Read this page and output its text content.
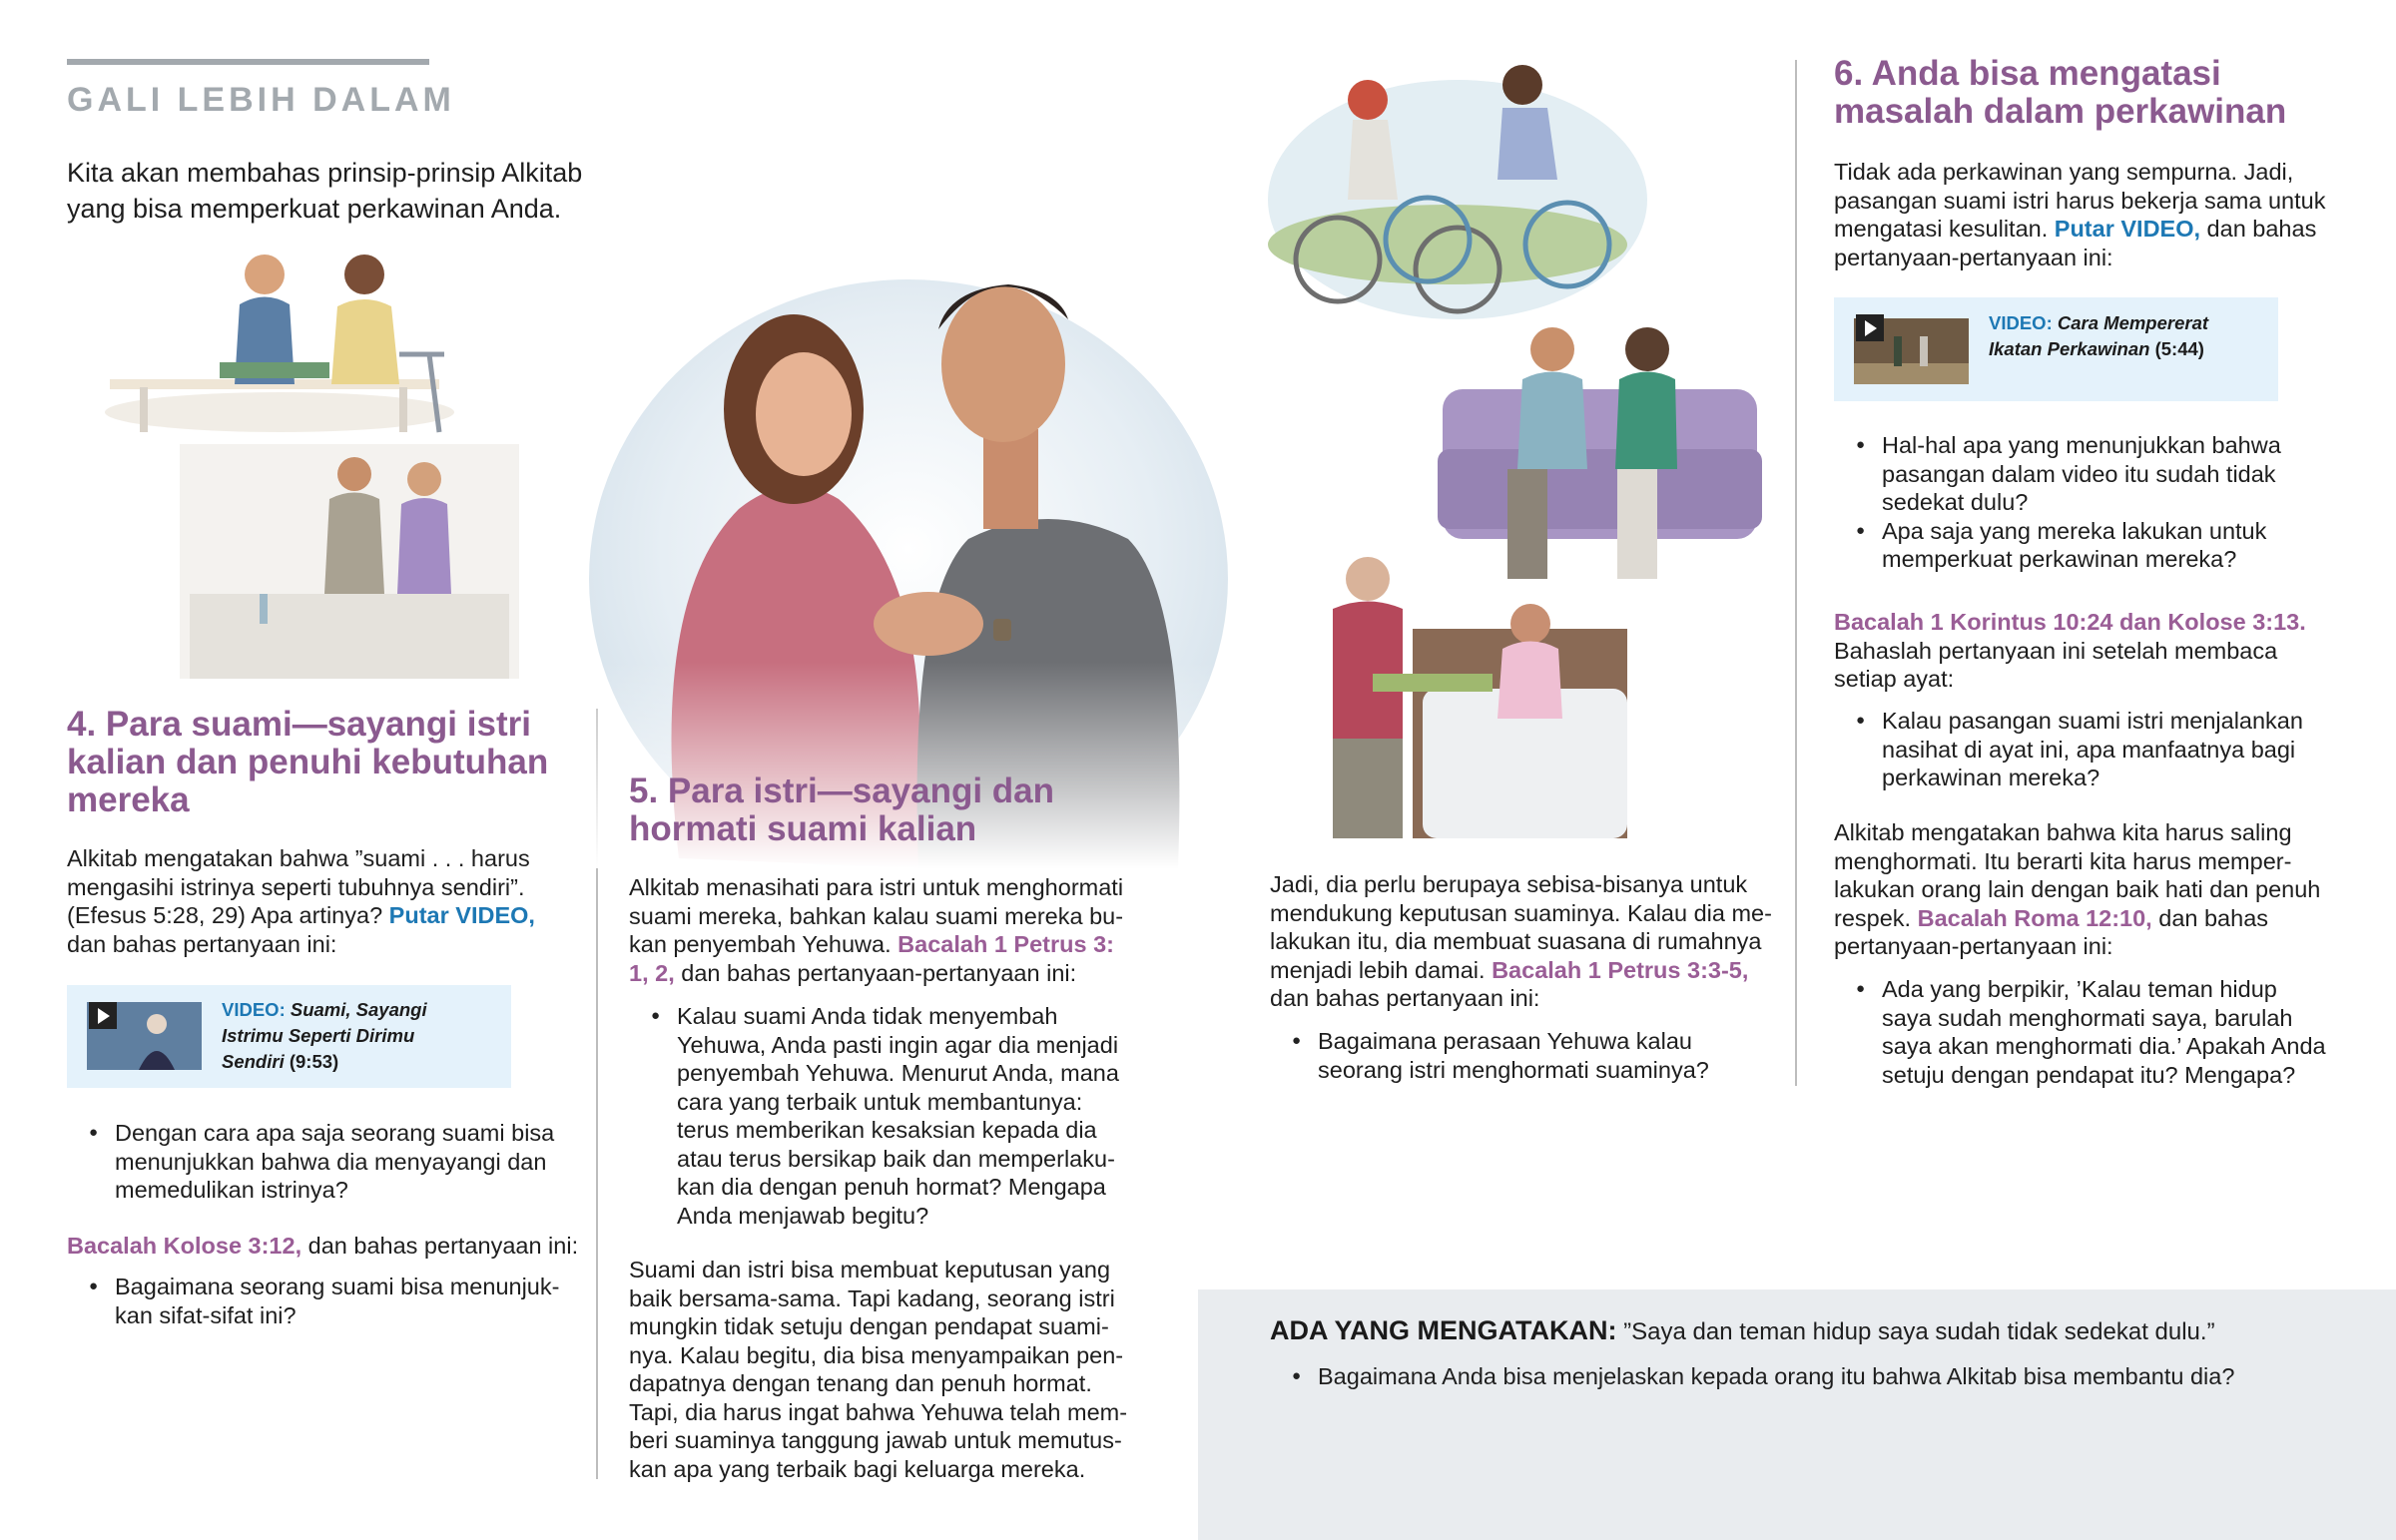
GALI LEBIH DALAM
Kita akan membahas prinsip-prinsip Alkitab
yang bisa memperkuat perkawinan Anda.
4. Para suami—sayangi istri
kalian dan penuhi kebutuhan
mereka
Alkitab mengatakan bahwa ”suami . . . harus
mengasihi istrinya seperti tubuhnya sendiri”.
(Efesus 5:28, 29) Apa artinya? Putar VIDEO,
dan bahas pertanyaan ini:
VIDEO: Suami, Sayangi
Istrimu Seperti Dirimu
Sendiri (9:53)
● Dengan cara apa saja seorang suami bisa
menunjukkan bahwa dia menyayangi dan
memedulikan istrinya?
Bacalah Kolose 3:12, dan bahas pertanyaan ini:
● Bagaimana seorang suami bisa menunjuk-
kan sifat-sifat ini?
5. Para istri—sayangi dan
hormati suami kalian
Alkitab menasihati para istri untuk menghormati
suami mereka, bahkan kalau suami mereka bu-
kan penyembah Yehuwa. Bacalah 1 Petrus 3:
1, 2, dan bahas pertanyaan-pertanyaan ini:
● Kalau suami Anda tidak menyembah
Yehuwa, Anda pasti ingin agar dia menjadi
penyembah Yehuwa. Menurut Anda, mana
cara yang terbaik untuk membantunya:
terus memberikan kesaksian kepada dia
atau terus bersikap baik dan memperlaku-
kan dia dengan penuh hormat? Mengapa
Anda menjawab begitu?
Suami dan istri bisa membuat keputusan yang
baik bersama-sama. Tapi kadang, seorang istri
mungkin tidak setuju dengan pendapat suami-
nya. Kalau begitu, dia bisa menyampaikan pen-
dapatnya dengan tenang dan penuh hormat.
Tapi, dia harus ingat bahwa Yehuwa telah mem-
beri suaminya tanggung jawab untuk memutus-
kan apa yang terbaik bagi keluarga mereka.
Jadi, dia perlu berupaya sebisa-bisanya untuk
mendukung keputusan suaminya. Kalau dia me-
lakukan itu, dia membuat suasana di rumahnya
menjadi lebih damai. Bacalah 1 Petrus 3:3-5,
dan bahas pertanyaan ini:
● Bagaimana perasaan Yehuwa kalau
seorang istri menghormati suaminya?
6. Anda bisa mengatasi
masalah dalam perkawinan
Tidak ada perkawinan yang sempurna. Jadi,
pasangan suami istri harus bekerja sama untuk
mengatasi kesulitan. Putar VIDEO, dan bahas
pertanyaan-pertanyaan ini:
VIDEO: Cara Mempererat
Ikatan Perkawinan (5:44)
● Hal-hal apa yang menunjukkan bahwa
pasangan dalam video itu sudah tidak
sedekat dulu?
● Apa saja yang mereka lakukan untuk
memperkuat perkawinan mereka?
Bacalah 1 Korintus 10:24 dan Kolose 3:13.
Bahaslah pertanyaan ini setelah membaca
setiap ayat:
● Kalau pasangan suami istri menjalankan
nasihat di ayat ini, apa manfaatnya bagi
perkawinan mereka?
Alkitab mengatakan bahwa kita harus saling
menghormati. Itu berarti kita harus memper-
lakukan orang lain dengan baik hati dan penuh
respek. Bacalah Roma 12:10, dan bahas
pertanyaan-pertanyaan ini:
● Ada yang berpikir, ’Kalau teman hidup
saya sudah menghormati saya, barulah
saya akan menghormati dia.’ Apakah Anda
setuju dengan pendapat itu? Mengapa?
ADA YANG MENGATAKAN: ”Saya dan teman hidup saya sudah tidak sedekat dulu.”
● Bagaimana Anda bisa menjelaskan kepada orang itu bahwa Alkitab bisa membantu dia?
